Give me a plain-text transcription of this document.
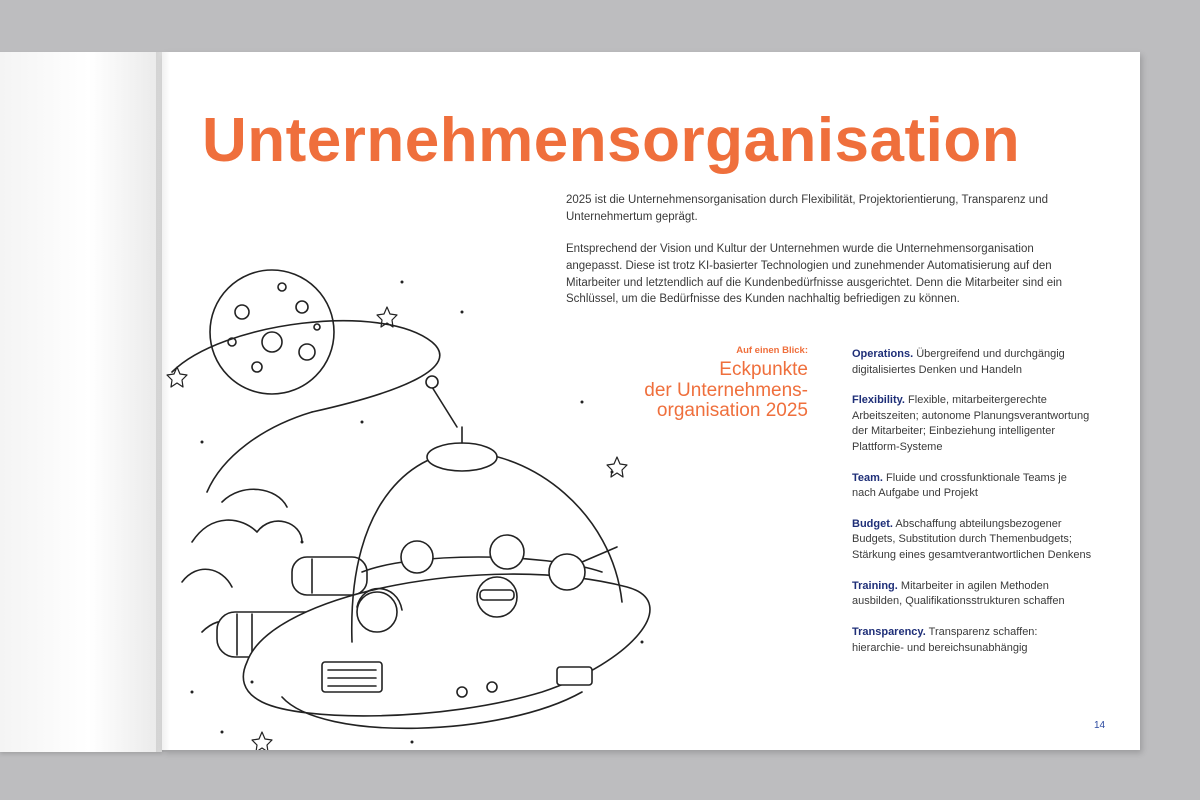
Unternehmensorganisation

2025 ist die Unternehmensorganisation durch Flexibilität, Projektorientierung, Transparenz und Unternehmertum geprägt.

Entsprechend der Vision und Kultur der Unternehmen wurde die Unternehmensorganisation angepasst. Diese ist trotz KI-basierter Technologien und zunehmender Automatisierung auf den Mitarbeiter und letztendlich auf die Kundenbedürfnisse ausgerichtet. Denn die Mitarbeiter sind ein Schlüssel, um die Bedürfnisse des Kunden nachhaltig befriedigen zu können.

Auf einen Blick:
Eckpunkte
der Unternehmens-
organisation 2025
Operations. Übergreifend und durchgängig digitalisiertes Denken und Handeln
Flexibility. Flexible, mitarbeitergerechte Arbeitszeiten; autonome Planungsverantwortung der Mitarbeiter; Einbeziehung intelligenter Plattform-Systeme
Team. Fluide und crossfunktionale Teams je nach Aufgabe und Projekt
Budget. Abschaffung abteilungsbezogener Budgets, Substitution durch Themenbudgets; Stärkung eines gesamtverantwortlichen Denkens
Training. Mitarbeiter in agilen Methoden ausbilden, Qualifikationsstrukturen schaffen
Transparency. Transparenz schaffen: hierarchie- und bereichsunabhängig
14
